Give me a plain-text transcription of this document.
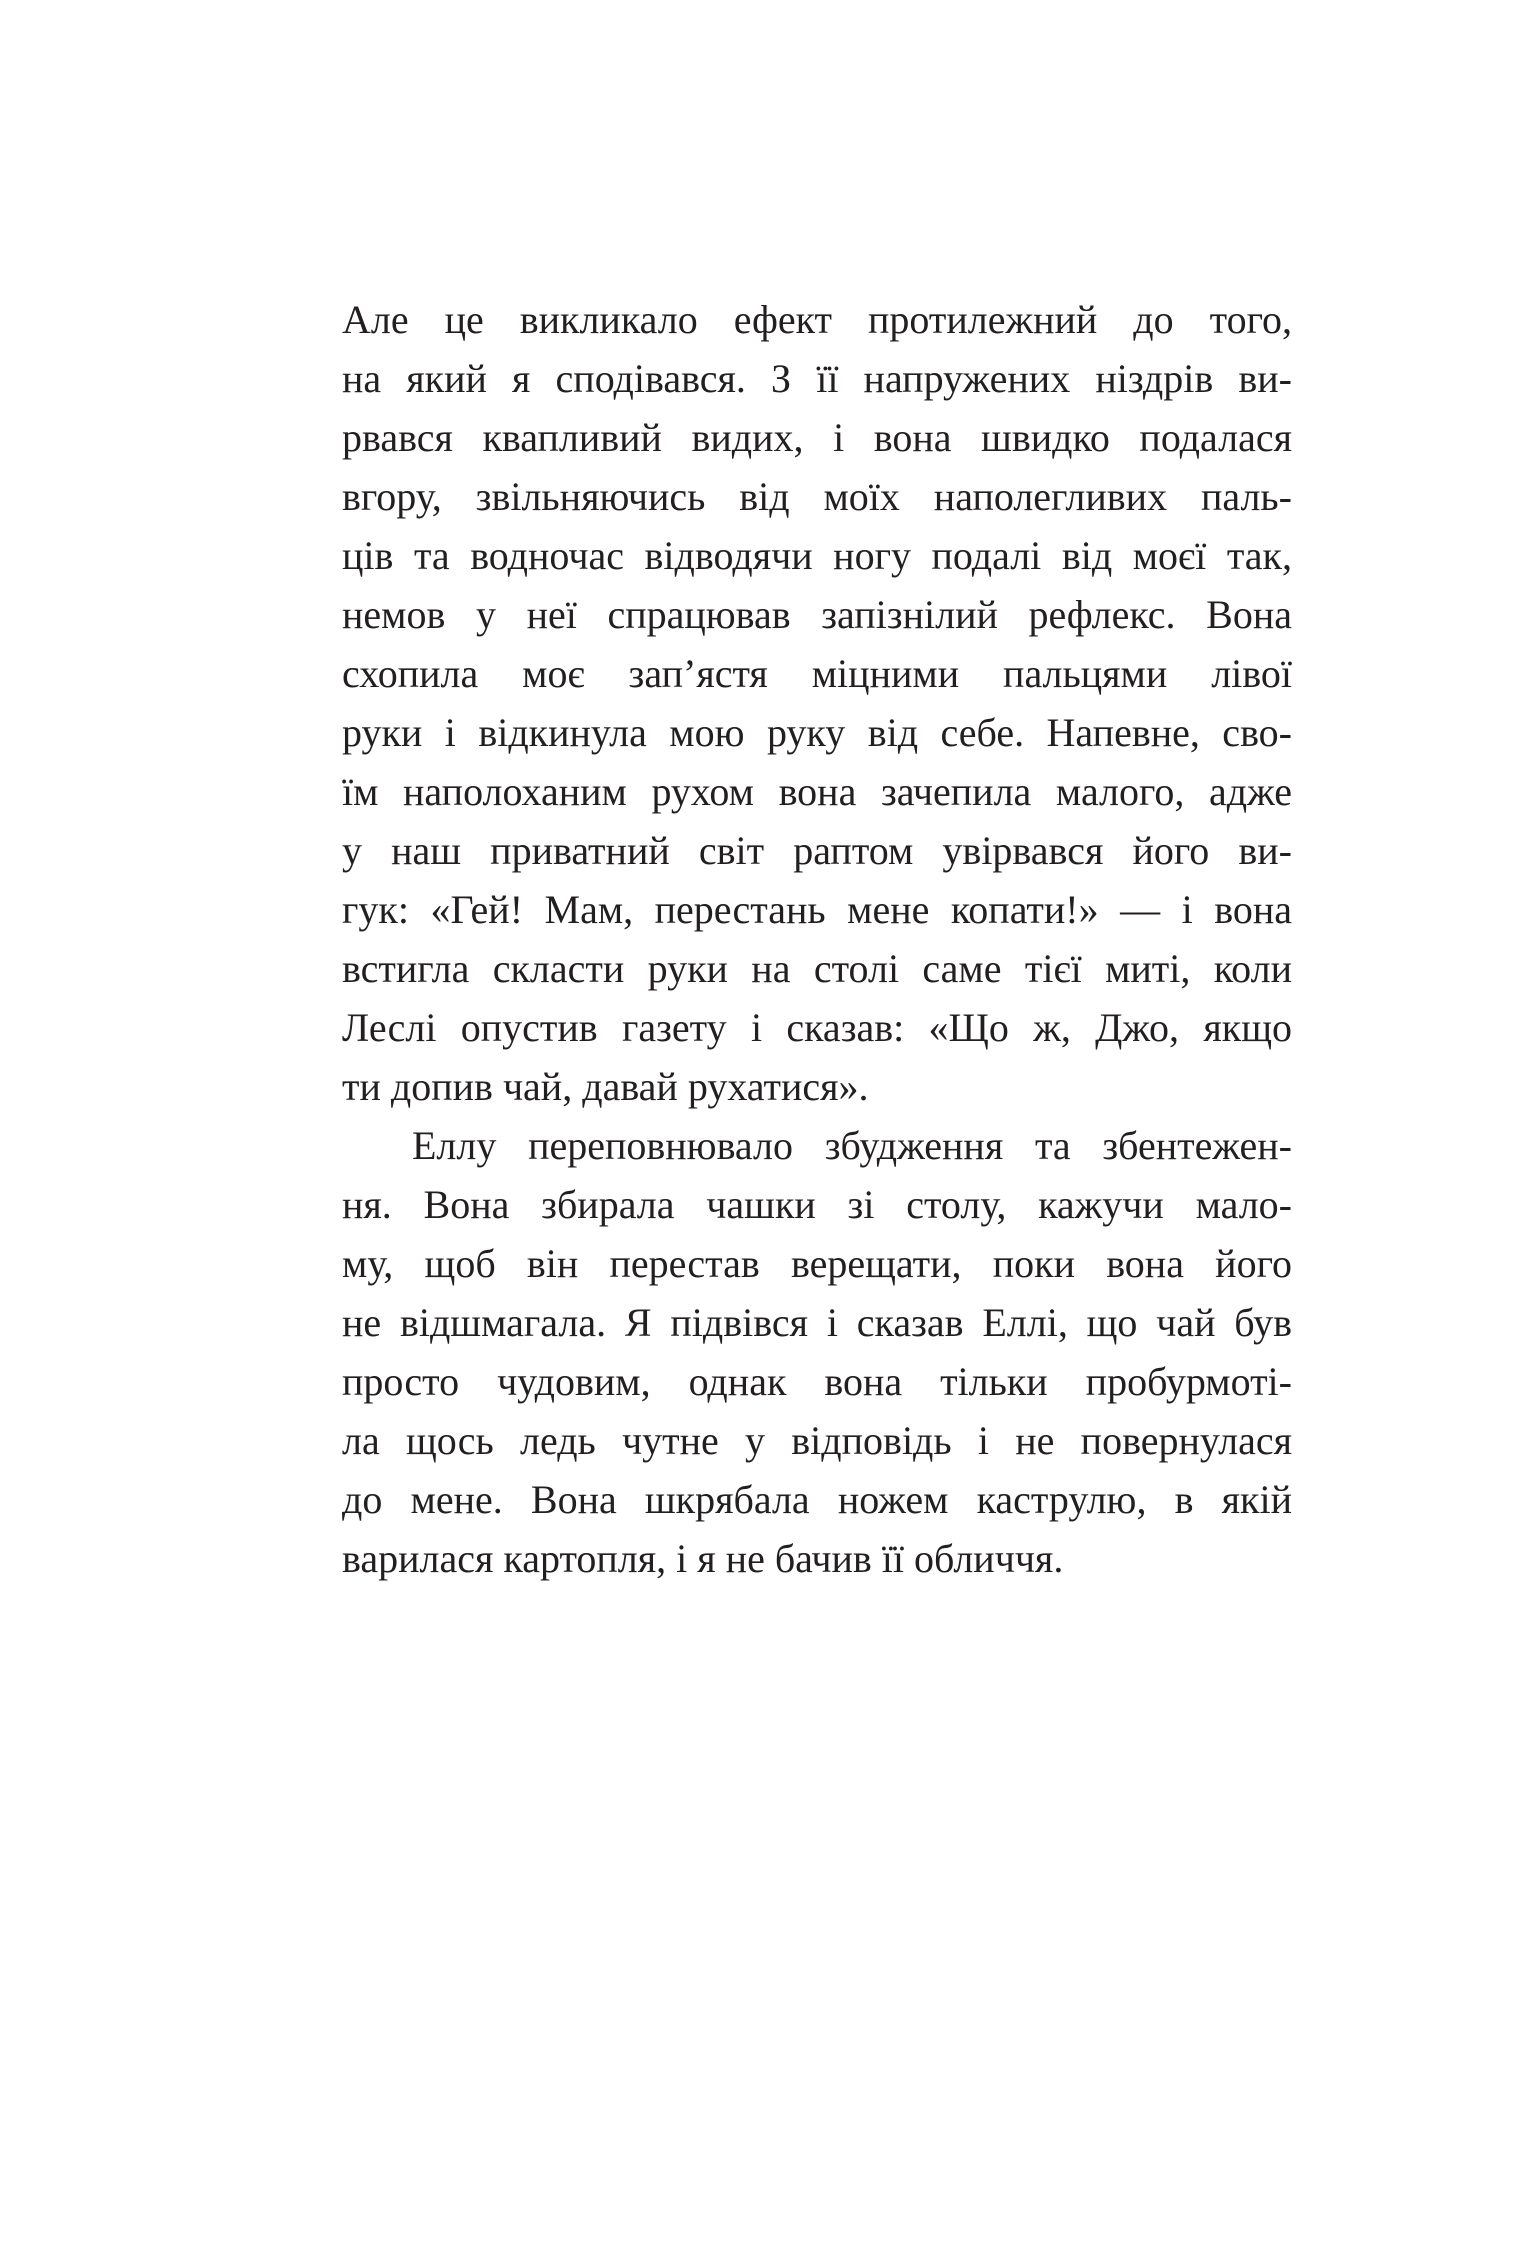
Але це викликало ефект протилежний до того,
на який я сподівався. З її напружених ніздрів ви-
рвався квапливий видих, і вона швидко подалася
вгору, звільняючись від моїх наполегливих паль-
ців та водночас відводячи ногу подалі від моєї так,
немов у неї спрацював запізнілий рефлекс. Вона
схопила моє зап’ястя міцними пальцями лівої
руки і відкинула мою руку від себе. Напевне, сво-
їм наполоханим рухом вона зачепила малого, адже
у наш приватний світ раптом увірвався його ви-
гук: «Гей! Мам, перестань мене копати!» — і вона
встигла скласти руки на столі саме тієї миті, коли
Леслі опустив газету і сказав: «Що ж, Джо, якщо
ти допив чай, давай рухатися».
Еллу переповнювало збудження та збентежен-
ня. Вона збирала чашки зі столу, кажучи мало-
му, щоб він перестав верещати, поки вона його
не відшмагала. Я підвівся і сказав Еллі, що чай був
просто чудовим, однак вона тільки пробурмоті-
ла щось ледь чутне у відповідь і не повернулася
до мене. Вона шкрябала ножем каструлю, в якій
варилася картопля, і я не бачив її обличчя.
